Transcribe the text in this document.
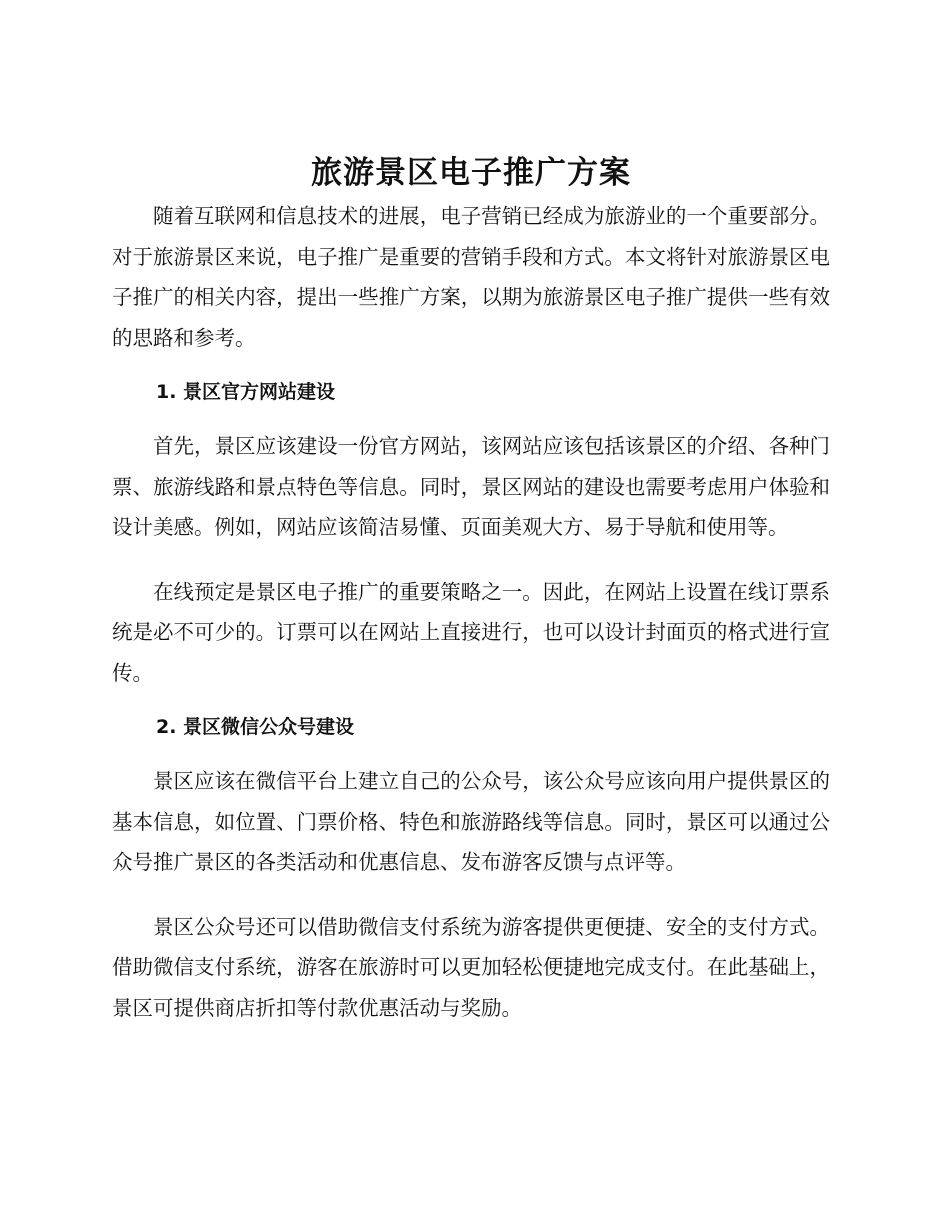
旅游景区电子推广方案

随着互联网和信息技术的进展，电子营销已经成为旅游业的一个重要部分。对于旅游景区来说，电子推广是重要的营销手段和方式。本文将针对旅游景区电子推广的相关内容，提出一些推广方案，以期为旅游景区电子推广提供一些有效的思路和参考。

1. 景区官方网站建设

首先，景区应该建设一份官方网站，该网站应该包括该景区的介绍、各种门票、旅游线路和景点特色等信息。同时，景区网站的建设也需要考虑用户体验和设计美感。例如，网站应该简洁易懂、页面美观大方、易于导航和使用等。

在线预定是景区电子推广的重要策略之一。因此，在网站上设置在线订票系统是必不可少的。订票可以在网站上直接进行，也可以设计封面页的格式进行宣传。

2. 景区微信公众号建设

景区应该在微信平台上建立自己的公众号，该公众号应该向用户提供景区的基本信息，如位置、门票价格、特色和旅游路线等信息。同时，景区可以通过公众号推广景区的各类活动和优惠信息、发布游客反馈与点评等。

景区公众号还可以借助微信支付系统为游客提供更便捷、安全的支付方式。借助微信支付系统，游客在旅游时可以更加轻松便捷地完成支付。在此基础上，景区可提供商店折扣等付款优惠活动与奖励。
